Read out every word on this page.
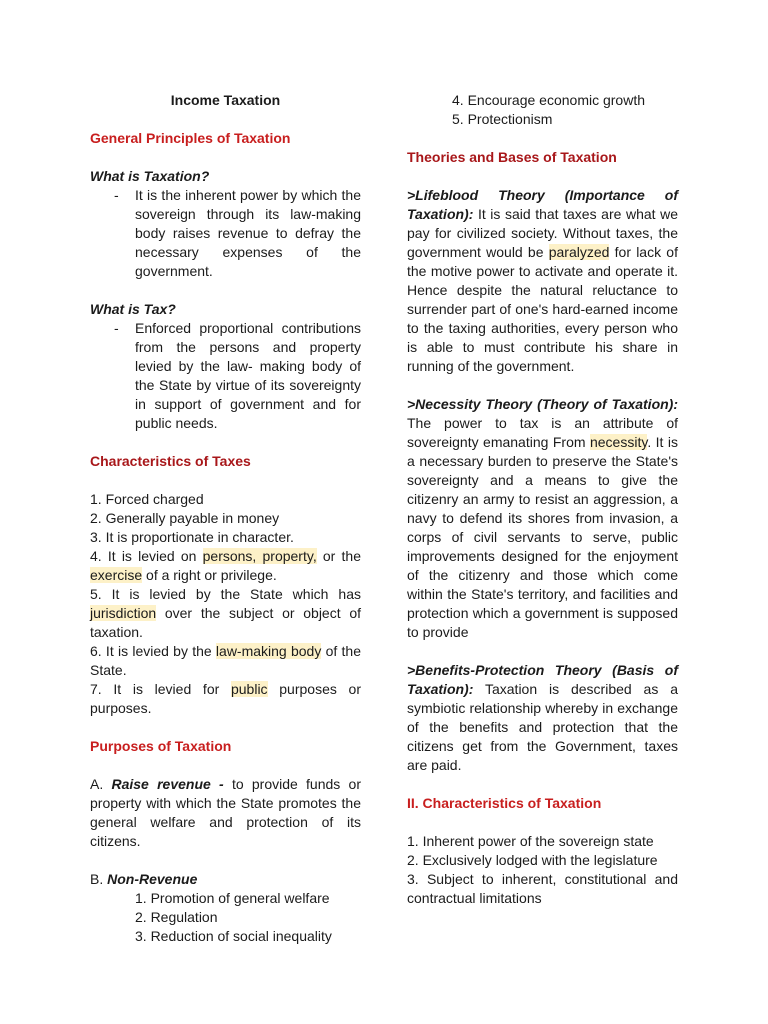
Income Taxation

General Principles of Taxation

What is Taxation?

-	It is the inherent power by which the sovereign through its law-making body raises revenue to defray the necessary expenses of the government.

What is Tax?

-	Enforced proportional contributions from the persons and property levied by the law- making body of the State by virtue of its sovereignty in support of government and for public needs.

Characteristics of Taxes

1. Forced charged

2. Generally payable in money

3. It is proportionate in character.

4. It is levied on persons, property, or the exercise of a right or privilege.

5. It is levied by the State which has jurisdiction over the subject or object of taxation.

6. It is levied by the law-making body of the State.

7. It is levied for public purposes or purposes.

Purposes of Taxation

A. Raise revenue - to provide funds or property with which the State promotes the general welfare and protection of its citizens.

B. Non-Revenue

1. Promotion of general welfare

2. Regulation

3. Reduction of social inequality

4. Encourage economic growth

5. Protectionism

Theories and Bases of Taxation

>Lifeblood Theory (Importance of Taxation): It is said that taxes are what we pay for civilized society. Without taxes, the government would be paralyzed for lack of the motive power to activate and operate it. Hence despite the natural reluctance to surrender part of one's hard-earned income to the taxing authorities, every person who is able to must contribute his share in running of the government.

>Necessity Theory (Theory of Taxation): The power to tax is an attribute of sovereignty emanating From necessity. It is a necessary burden to preserve the State's sovereignty and a means to give the citizenry an army to resist an aggression, a navy to defend its shores from invasion, a corps of civil servants to serve, public improvements designed for the enjoyment of the citizenry and those which come within the State's territory, and facilities and protection which a government is supposed to provide

>Benefits-Protection Theory (Basis of Taxation): Taxation is described as a symbiotic relationship whereby in exchange of the benefits and protection that the citizens get from the Government, taxes are paid.

II. Characteristics of Taxation

1. Inherent power of the sovereign state

2. Exclusively lodged with the legislature

3. Subject to inherent, constitutional and contractual limitations
